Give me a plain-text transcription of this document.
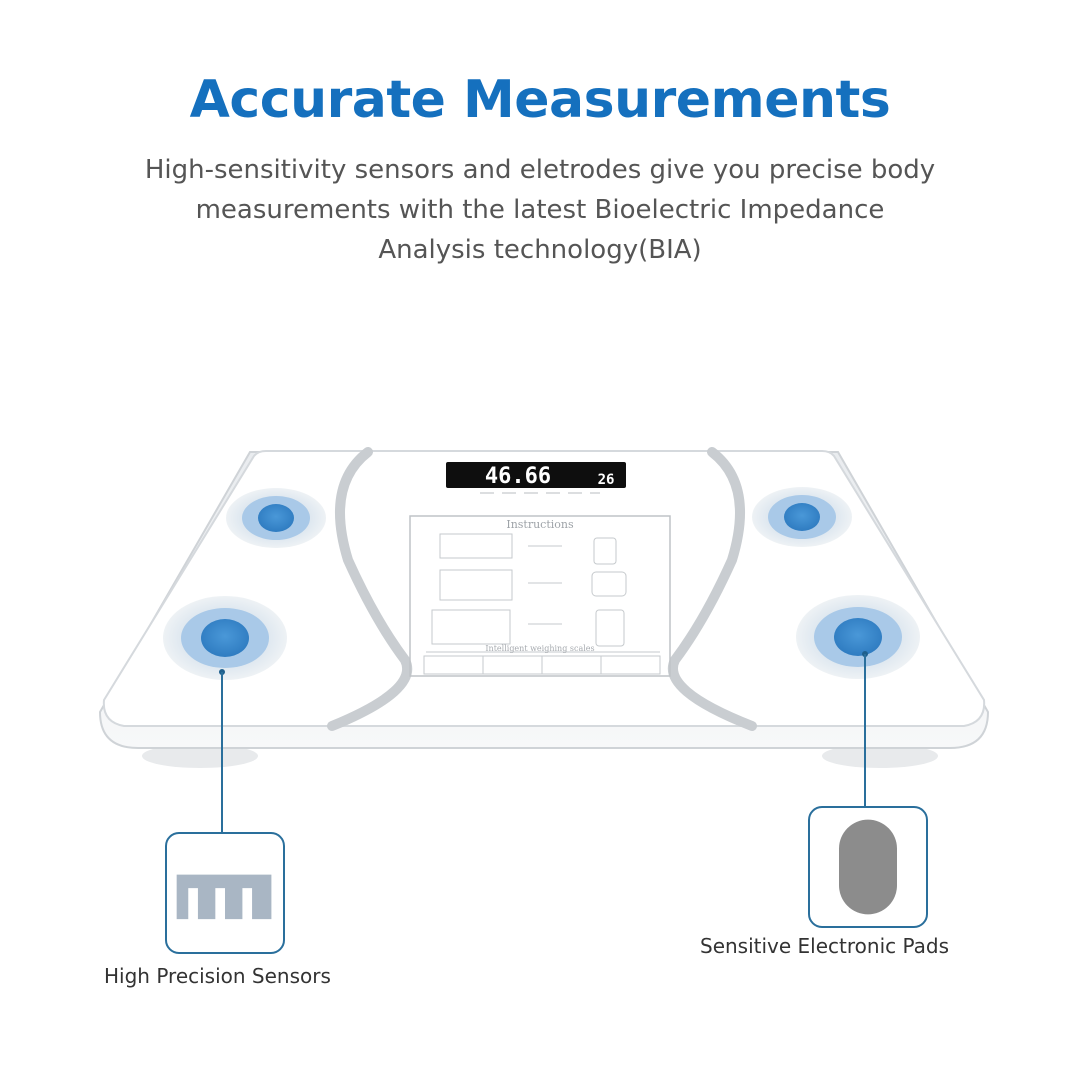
Accurate Measurements

High-sensitivity sensors and eletrodes give you precise body measurements with the latest Bioelectric Impedance Analysis technology(BIA)

46.66	26
Instructions
Intelligent weighing scales
High Precision Sensors
Sensitive Electronic Pads
